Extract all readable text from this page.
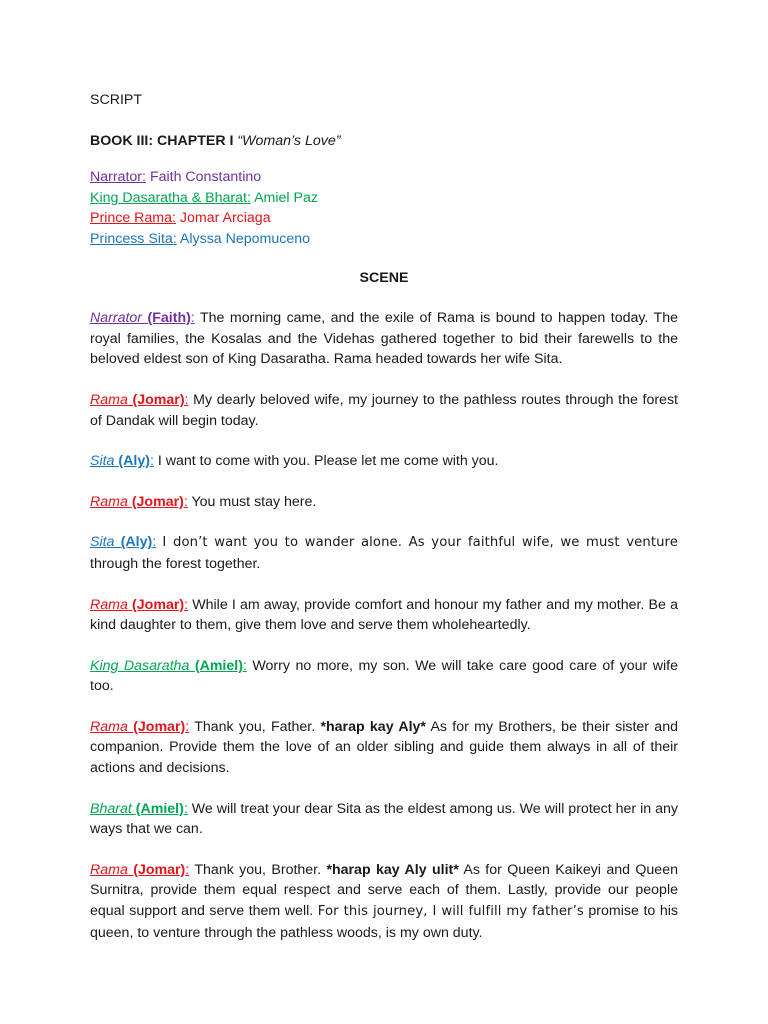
SCRIPT
BOOK III: CHAPTER I “Woman’s Love”
Narrator: Faith Constantino
King Dasaratha & Bharat: Amiel Paz
Prince Rama: Jomar Arciaga
Princess Sita: Alyssa Nepomuceno
SCENE
Narrator (Faith): The morning came, and the exile of Rama is bound to happen today. The royal families, the Kosalas and the Videhas gathered together to bid their farewells to the beloved eldest son of King Dasaratha. Rama headed towards her wife Sita.
Rama (Jomar): My dearly beloved wife, my journey to the pathless routes through the forest of Dandak will begin today.
Sita (Aly): I want to come with you. Please let me come with you.
Rama (Jomar): You must stay here.
Sita (Aly): I don’t want you to wander alone. As your faithful wife, we must venture through the forest together.
Rama (Jomar): While I am away, provide comfort and honour my father and my mother. Be a kind daughter to them, give them love and serve them wholeheartedly.
King Dasaratha (Amiel): Worry no more, my son. We will take care good care of your wife too.
Rama (Jomar): Thank you, Father. *harap kay Aly* As for my Brothers, be their sister and companion. Provide them the love of an older sibling and guide them always in all of their actions and decisions.
Bharat (Amiel): We will treat your dear Sita as the eldest among us. We will protect her in any ways that we can.
Rama (Jomar): Thank you, Brother. *harap kay Aly ulit* As for Queen Kaikeyi and Queen Surnitra, provide them equal respect and serve each of them. Lastly, provide our people equal support and serve them well. For this journey, I will fulfill my father’s promise to his queen, to venture through the pathless woods, is my own duty.
